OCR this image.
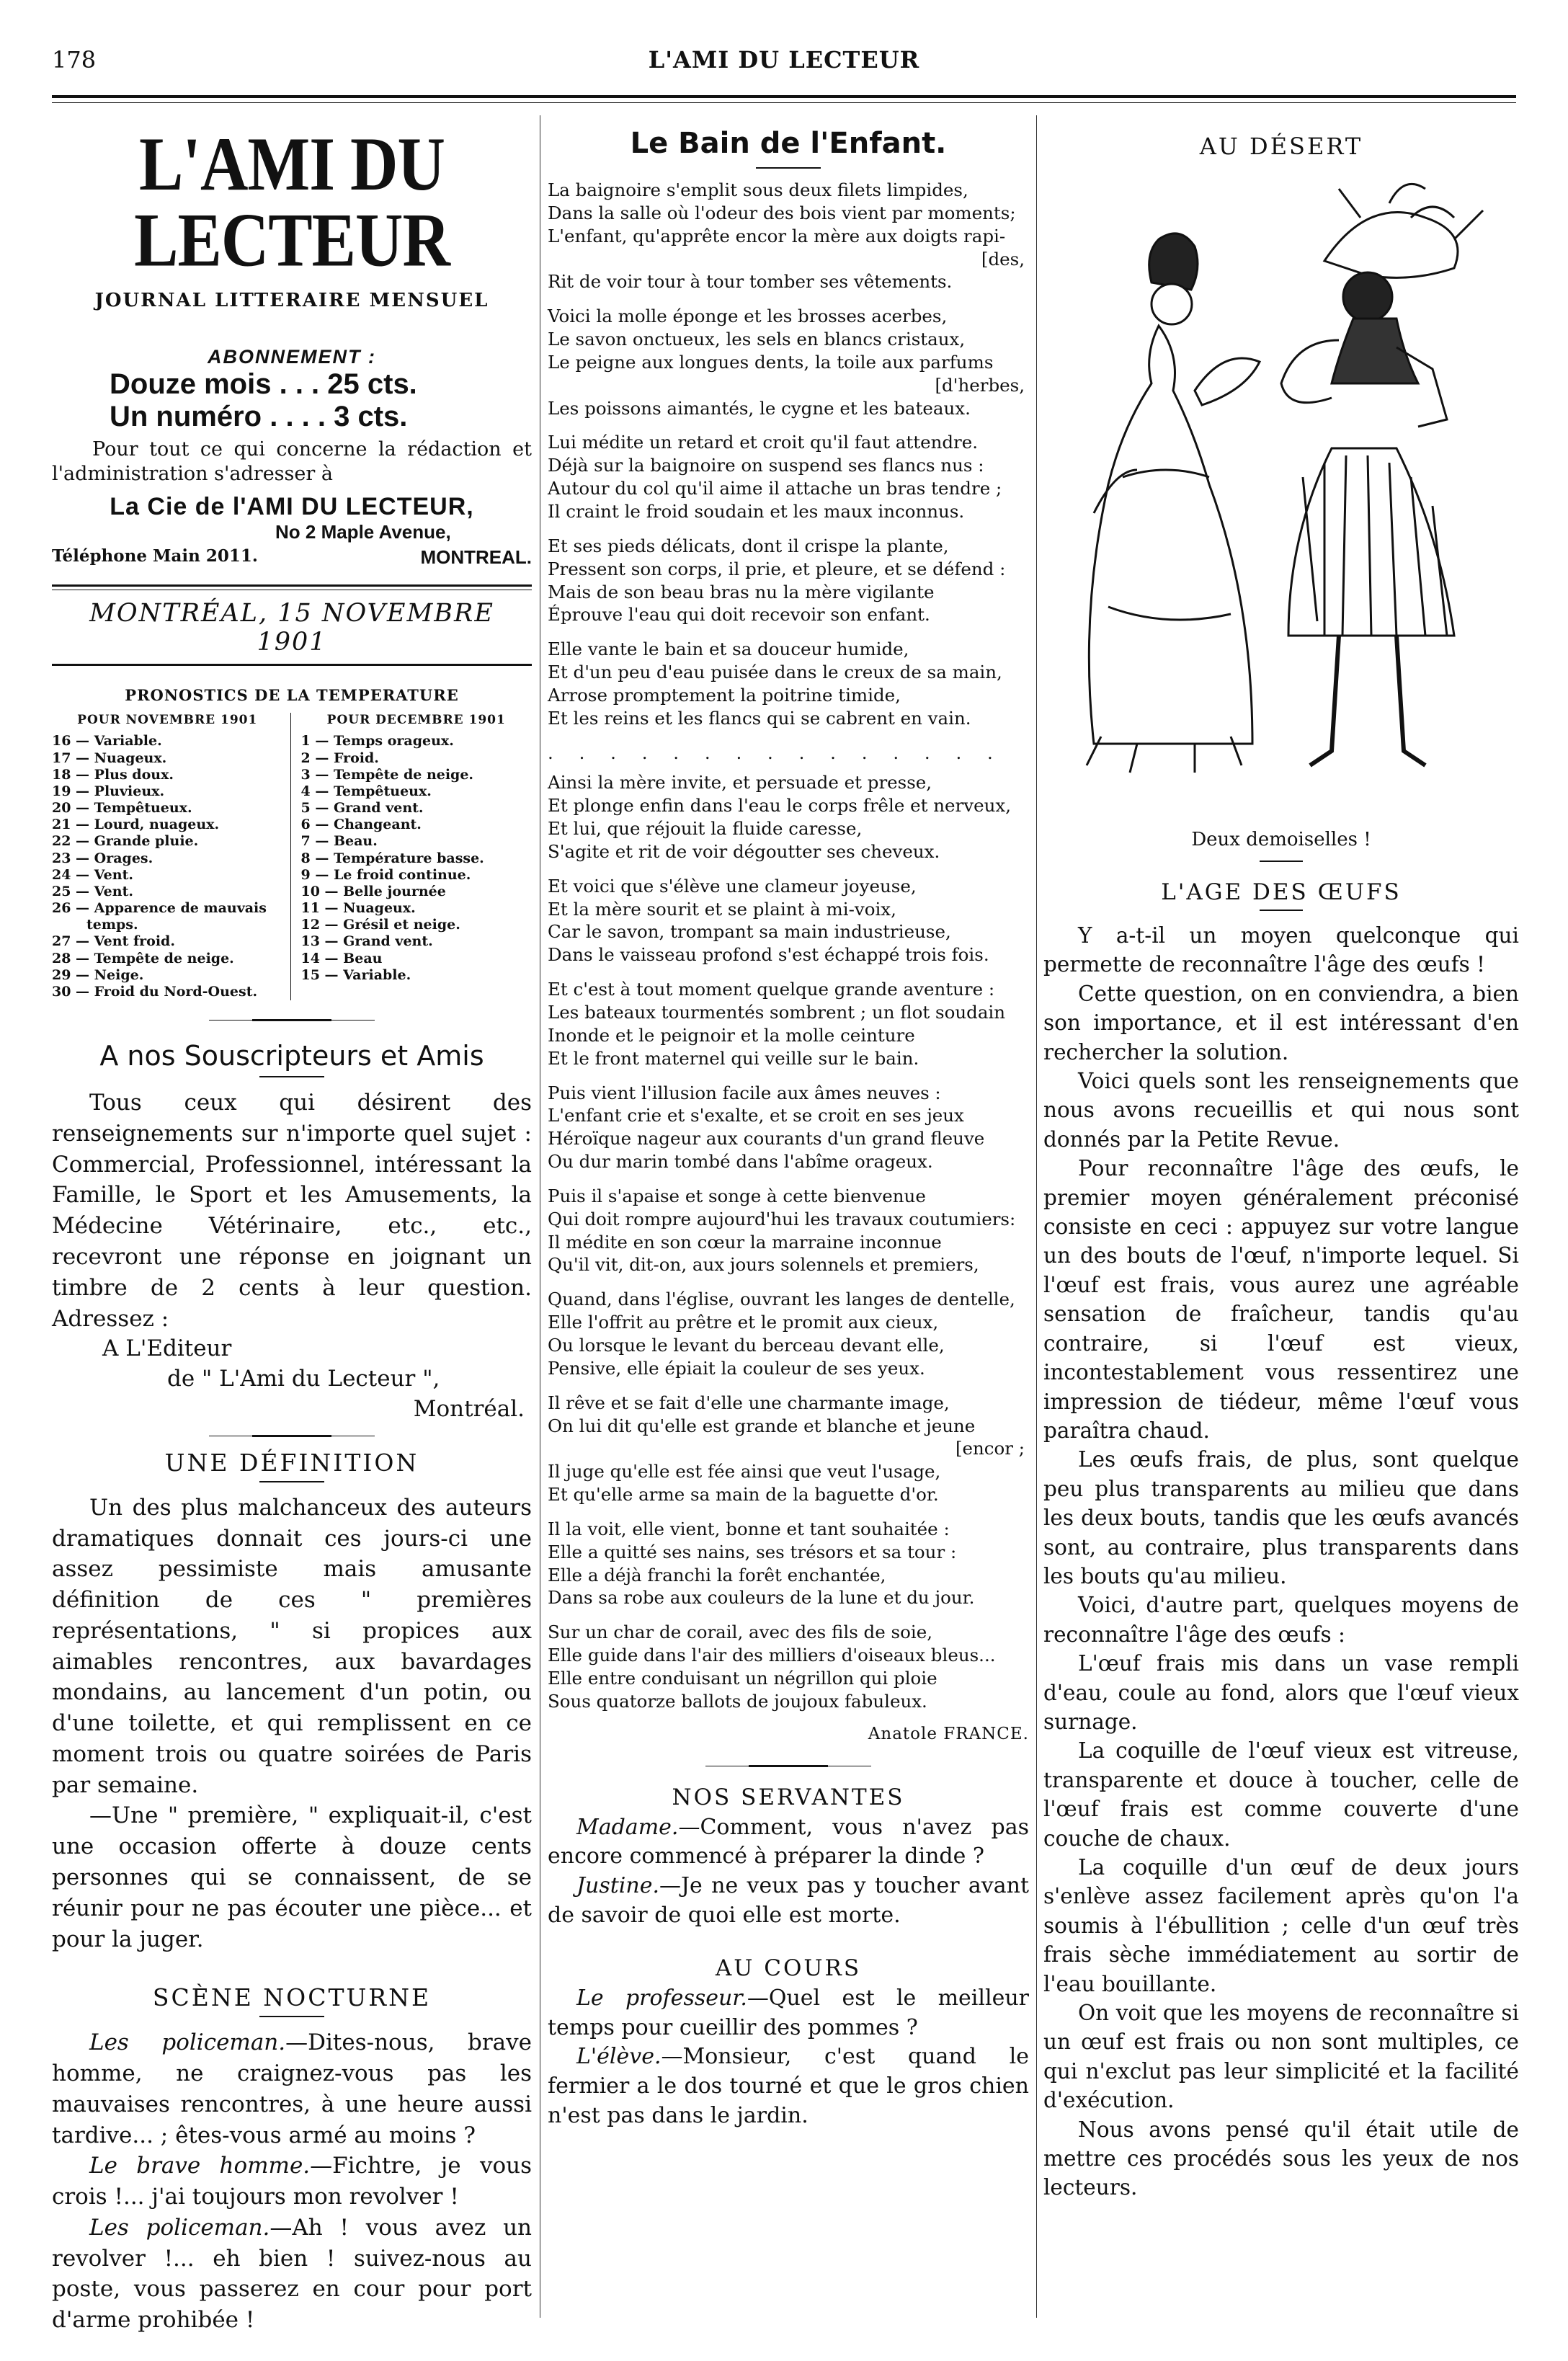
178	L'AMI DU LECTEUR
L'AMI DU LECTEUR
JOURNAL LITTERAIRE MENSUEL
ABONNEMENT :
Douze mois . . . 25 cts.
Un numéro . . . . 3 cts.

Pour tout ce qui concerne la rédaction et l'administration s'adresser à

La Cie de l'AMI DU LECTEUR,
No 2 Maple Avenue,
Téléphone Main 2011.	MONTREAL.
MONTRÉAL, 15 NOVEMBRE 1901
PRONOSTICS DE LA TEMPERATURE
POUR NOVEMBRE 1901
16 — Variable.
17 — Nuageux.
18 — Plus doux.
19 — Pluvieux.
20 — Tempêtueux.
21 — Lourd, nuageux.
22 — Grande pluie.
23 — Orages.
24 — Vent.
25 — Vent.
26 — Apparence de mauvais
temps.
27 — Vent froid.
28 — Tempête de neige.
29 — Neige.
30 — Froid du Nord-Ouest.
POUR DECEMBRE 1901
1 — Temps orageux.
2 — Froid.
3 — Tempête de neige.
4 — Tempêtueux.
5 — Grand vent.
6 — Changeant.
7 — Beau.
8 — Température basse.
9 — Le froid continue.
10 — Belle journée
11 — Nuageux.
12 — Grésil et neige.
13 — Grand vent.
14 — Beau
15 — Variable.
A nos Souscripteurs et Amis

Tous ceux qui désirent des renseignements sur n'importe quel sujet : Commercial, Professionnel, intéressant la Famille, le Sport et les Amusements, la Médecine Vétérinaire, etc., etc., recevront une réponse en joignant un timbre de 2 cents à leur question. Adressez :

A L'Editeur
de " L'Ami du Lecteur ",
Montréal.
UNE DÉFINITION

Un des plus malchanceux des auteurs dramatiques donnait ces jours-ci une assez pessimiste mais amusante définition de ces " premières représentations, " si propices aux aimables rencontres, aux bavardages mondains, au lancement d'un potin, ou d'une toilette, et qui remplissent en ce moment trois ou quatre soirées de Paris par semaine.

—Une " première, " expliquait-il, c'est une occasion offerte à douze cents personnes qui se connaissent, de se réunir pour ne pas écouter une pièce... et pour la juger.

SCÈNE NOCTURNE

Les policeman.—Dites-nous, brave homme, ne craignez-vous pas les mauvaises rencontres, à une heure aussi tardive... ; êtes-vous armé au moins ?

Le brave homme.—Fichtre, je vous crois !... j'ai toujours mon revolver !

Les policeman.—Ah ! vous avez un revolver !... eh bien ! suivez-nous au poste, vous passerez en cour pour port d'arme prohibée !

Le Bain de l'Enfant.
La baignoire s'emplit sous deux filets limpides,
Dans la salle où l'odeur des bois vient par moments;
L'enfant, qu'apprête encor la mère aux doigts rapi-
[des,
Rit de voir tour à tour tomber ses vêtements.
Voici la molle éponge et les brosses acerbes,
Le savon onctueux, les sels en blancs cristaux,
Le peigne aux longues dents, la toile aux parfums
[d'herbes,
Les poissons aimantés, le cygne et les bateaux.
Lui médite un retard et croit qu'il faut attendre.
Déjà sur la baignoire on suspend ses flancs nus :
Autour du col qu'il aime il attache un bras tendre ;
Il craint le froid soudain et les maux inconnus.
Et ses pieds délicats, dont il crispe la plante,
Pressent son corps, il prie, et pleure, et se défend :
Mais de son beau bras nu la mère vigilante
Éprouve l'eau qui doit recevoir son enfant.
Elle vante le bain et sa douceur humide,
Et d'un peu d'eau puisée dans le creux de sa main,
Arrose promptement la poitrine timide,
Et les reins et les flancs qui se cabrent en vain.
. . . . . . . . . . . . . . .
Ainsi la mère invite, et persuade et presse,
Et plonge enfin dans l'eau le corps frêle et nerveux,
Et lui, que réjouit la fluide caresse,
S'agite et rit de voir dégoutter ses cheveux.
Et voici que s'élève une clameur joyeuse,
Et la mère sourit et se plaint à mi-voix,
Car le savon, trompant sa main industrieuse,
Dans le vaisseau profond s'est échappé trois fois.
Et c'est à tout moment quelque grande aventure :
Les bateaux tourmentés sombrent ; un flot soudain
Inonde et le peignoir et la molle ceinture
Et le front maternel qui veille sur le bain.
Puis vient l'illusion facile aux âmes neuves :
L'enfant crie et s'exalte, et se croit en ses jeux
Héroïque nageur aux courants d'un grand fleuve
Ou dur marin tombé dans l'abîme orageux.
Puis il s'apaise et songe à cette bienvenue
Qui doit rompre aujourd'hui les travaux coutumiers:
Il médite en son cœur la marraine inconnue
Qu'il vit, dit-on, aux jours solennels et premiers,
Quand, dans l'église, ouvrant les langes de dentelle,
Elle l'offrit au prêtre et le promit aux cieux,
Ou lorsque le levant du berceau devant elle,
Pensive, elle épiait la couleur de ses yeux.
Il rêve et se fait d'elle une charmante image,
On lui dit qu'elle est grande et blanche et jeune
[encor ;
Il juge qu'elle est fée ainsi que veut l'usage,
Et qu'elle arme sa main de la baguette d'or.
Il la voit, elle vient, bonne et tant souhaitée :
Elle a quitté ses nains, ses trésors et sa tour :
Elle a déjà franchi la forêt enchantée,
Dans sa robe aux couleurs de la lune et du jour.
Sur un char de corail, avec des fils de soie,
Elle guide dans l'air des milliers d'oiseaux bleus...
Elle entre conduisant un négrillon qui ploie
Sous quatorze ballots de joujoux fabuleux.
Anatole FRANCE.
NOS SERVANTES

Madame.—Comment, vous n'avez pas encore commencé à préparer la dinde ?

Justine.—Je ne veux pas y toucher avant de savoir de quoi elle est morte.

AU COURS

Le professeur.—Quel est le meilleur temps pour cueillir des pommes ?

L'élève.—Monsieur, c'est quand le fermier a le dos tourné et que le gros chien n'est pas dans le jardin.

AU DÉSERT
Deux demoiselles !
L'AGE DES ŒUFS

Y a-t-il un moyen quelconque qui permette de reconnaître l'âge des œufs !

Cette question, on en conviendra, a bien son importance, et il est intéressant d'en rechercher la solution.

Voici quels sont les renseignements que nous avons recueillis et qui nous sont donnés par la Petite Revue.

Pour reconnaître l'âge des œufs, le premier moyen généralement préconisé consiste en ceci : appuyez sur votre langue un des bouts de l'œuf, n'importe lequel. Si l'œuf est frais, vous aurez une agréable sensation de fraîcheur, tandis qu'au contraire, si l'œuf est vieux, incontestablement vous ressentirez une impression de tiédeur, même l'œuf vous paraîtra chaud.

Les œufs frais, de plus, sont quelque peu plus transparents au milieu que dans les deux bouts, tandis que les œufs avancés sont, au contraire, plus transparents dans les bouts qu'au milieu.

Voici, d'autre part, quelques moyens de reconnaître l'âge des œufs :

L'œuf frais mis dans un vase rempli d'eau, coule au fond, alors que l'œuf vieux surnage.

La coquille de l'œuf vieux est vitreuse, transparente et douce à toucher, celle de l'œuf frais est comme couverte d'une couche de chaux.

La coquille d'un œuf de deux jours s'enlève assez facilement après qu'on l'a soumis à l'ébullition ; celle d'un œuf très frais sèche immédiatement au sortir de l'eau bouillante.

On voit que les moyens de reconnaître si un œuf est frais ou non sont multiples, ce qui n'exclut pas leur simplicité et la facilité d'exécution.

Nous avons pensé qu'il était utile de mettre ces procédés sous les yeux de nos lecteurs.
